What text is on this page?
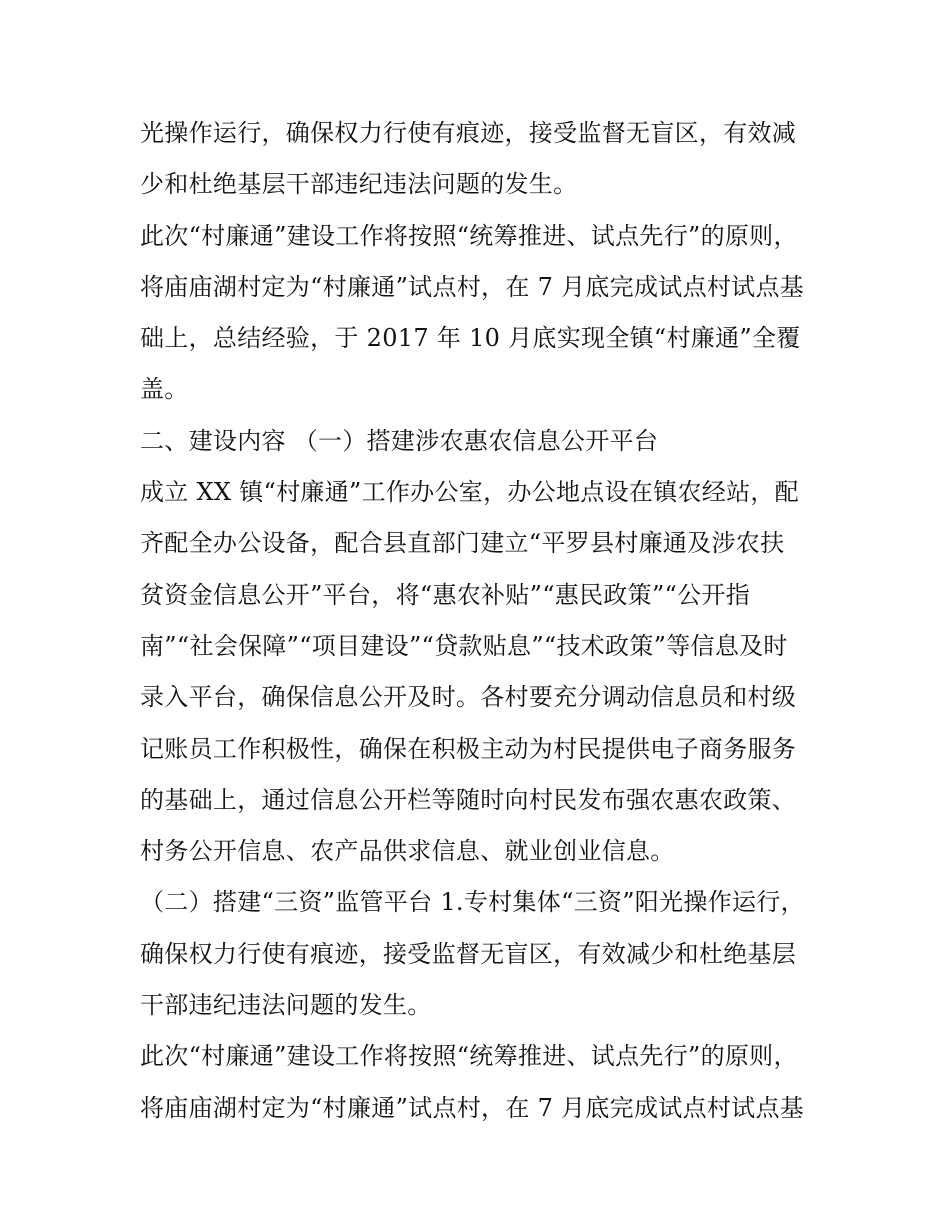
光操作运行，确保权力行使有痕迹，接受监督无盲区，有效减
少和杜绝基层干部违纪违法问题的发生。
此次“村廉通”建设工作将按照“统筹推进、试点先行”的原则，
将庙庙湖村定为“村廉通”试点村，在 7 月底完成试点村试点基
础上，总结经验，于 2017 年 10 月底实现全镇“村廉通”全覆
盖。
二、建设内容 （一）搭建涉农惠农信息公开平台
成立 XX 镇“村廉通”工作办公室，办公地点设在镇农经站，配
齐配全办公设备，配合县直部门建立“平罗县村廉通及涉农扶
贫资金信息公开”平台，将“惠农补贴”“惠民政策”“公开指
南”“社会保障”“项目建设”“贷款贴息”“技术政策”等信息及时
录入平台，确保信息公开及时。各村要充分调动信息员和村级
记账员工作积极性，确保在积极主动为村民提供电子商务服务
的基础上，通过信息公开栏等随时向村民发布强农惠农政策、
村务公开信息、农产品供求信息、就业创业信息。
（二）搭建“三资”监管平台 1.专村集体“三资”阳光操作运行，
确保权力行使有痕迹，接受监督无盲区，有效减少和杜绝基层
干部违纪违法问题的发生。
此次“村廉通”建设工作将按照“统筹推进、试点先行”的原则，
将庙庙湖村定为“村廉通”试点村，在 7 月底完成试点村试点基
